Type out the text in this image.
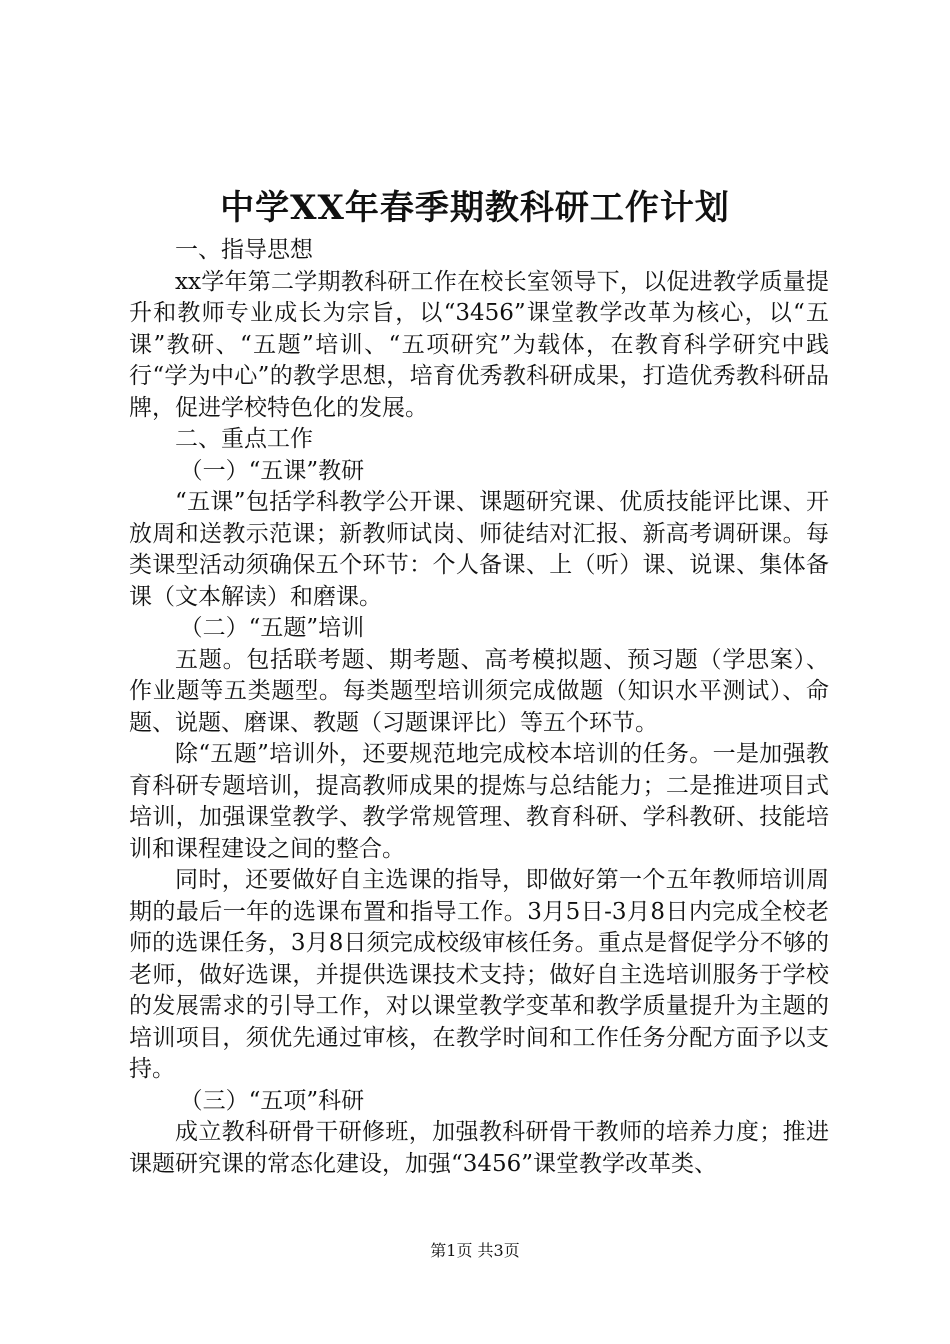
中学XX年春季期教科研工作计划

一、指导思想

xx学年第二学期教科研工作在校长室领导下，以促进教学质量提升和教师专业成长为宗旨，以“3456”课堂教学改革为核心，以“五课”教研、“五题”培训、“五项研究”为载体，在教育科学研究中践行“学为中心”的教学思想，培育优秀教科研成果，打造优秀教科研品牌，促进学校特色化的发展。

二、重点工作

（一）“五课”教研

“五课”包括学科教学公开课、课题研究课、优质技能评比课、开放周和送教示范课；新教师试岗、师徒结对汇报、新高考调研课。每类课型活动须确保五个环节：个人备课、上（听）课、说课、集体备课（文本解读）和磨课。

（二）“五题”培训

五题。包括联考题、期考题、高考模拟题、预习题（学思案）、作业题等五类题型。每类题型培训须完成做题（知识水平测试）、命题、说题、磨课、教题（习题课评比）等五个环节。

除“五题”培训外，还要规范地完成校本培训的任务。一是加强教育科研专题培训，提高教师成果的提炼与总结能力；二是推进项目式培训，加强课堂教学、教学常规管理、教育科研、学科教研、技能培训和课程建设之间的整合。

同时，还要做好自主选课的指导，即做好第一个五年教师培训周期的最后一年的选课布置和指导工作。3月5日-3月8日内完成全校老师的选课任务，3月8日须完成校级审核任务。重点是督促学分不够的老师，做好选课，并提供选课技术支持；做好自主选培训服务于学校的发展需求的引导工作，对以课堂教学变革和教学质量提升为主题的培训项目，须优先通过审核，在教学时间和工作任务分配方面予以支持。

（三）“五项”科研

成立教科研骨干研修班，加强教科研骨干教师的培养力度；推进课题研究课的常态化建设，加强“3456”课堂教学改革类、

第1页 共3页
